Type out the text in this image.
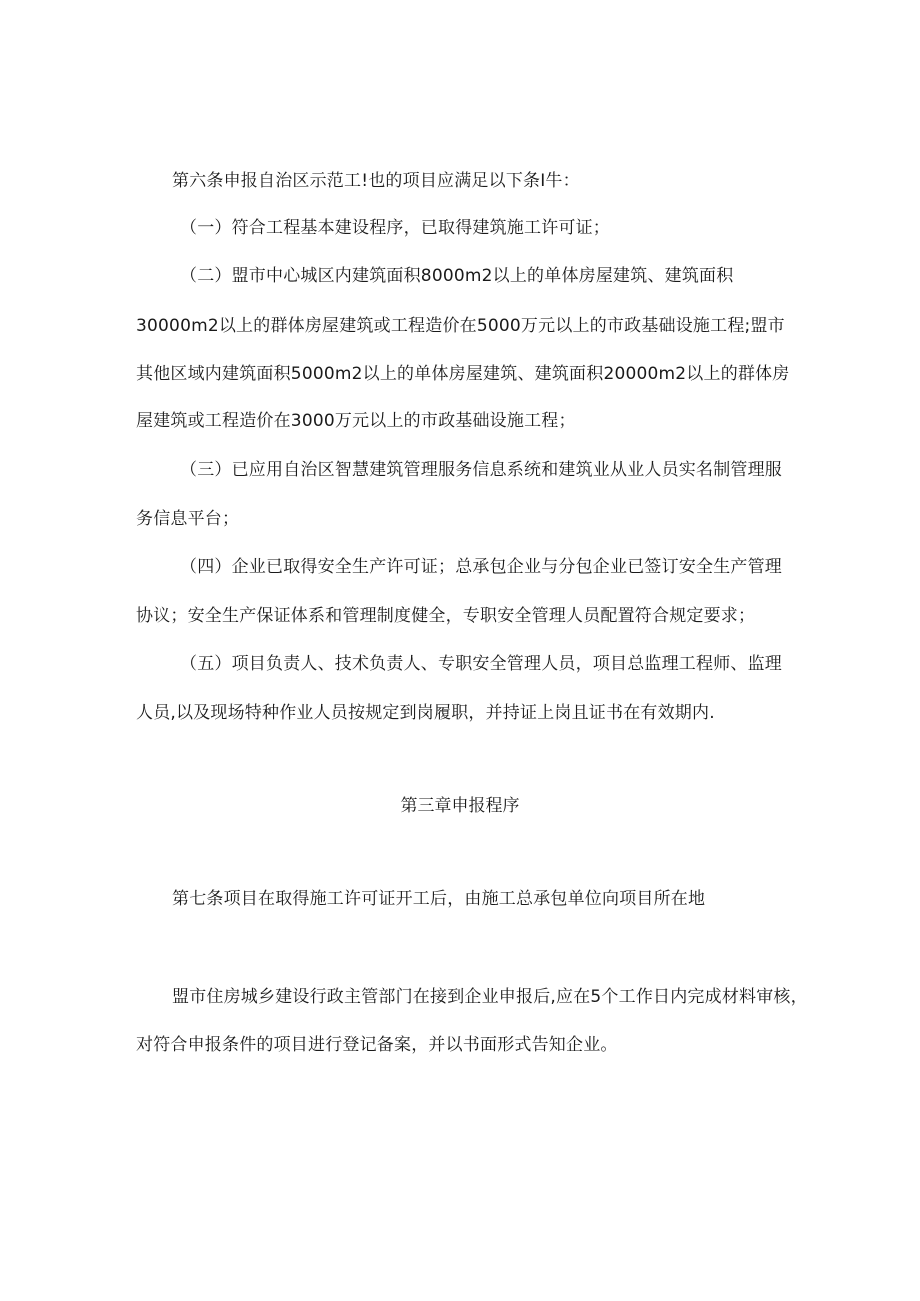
第六条申报自治区示范工!也的项目应满足以下条I牛：
（一）符合工程基本建设程序，已取得建筑施工许可证；
（二）盟市中心城区内建筑面积8000m2以上的单体房屋建筑、建筑面积
30000m2以上的群体房屋建筑或工程造价在5000万元以上的市政基础设施工程;盟市
其他区域内建筑面积5000m2以上的单体房屋建筑、建筑面积20000m2以上的群体房
屋建筑或工程造价在3000万元以上的市政基础设施工程；
（三）已应用自治区智慧建筑管理服务信息系统和建筑业从业人员实名制管理服
务信息平台；
（四）企业已取得安全生产许可证；总承包企业与分包企业已签订安全生产管理
协议；安全生产保证体系和管理制度健全，专职安全管理人员配置符合规定要求；
（五）项目负责人、技术负责人、专职安全管理人员，项目总监理工程师、监理
人员,以及现场特种作业人员按规定到岗履职，并持证上岗且证书在有效期内.
第三章申报程序
第七条项目在取得施工许可证开工后，由施工总承包单位向项目所在地
盟市住房城乡建设行政主管部门在接到企业申报后,应在5个工作日内完成材料审核，
对符合申报条件的项目进行登记备案，并以书面形式告知企业。
